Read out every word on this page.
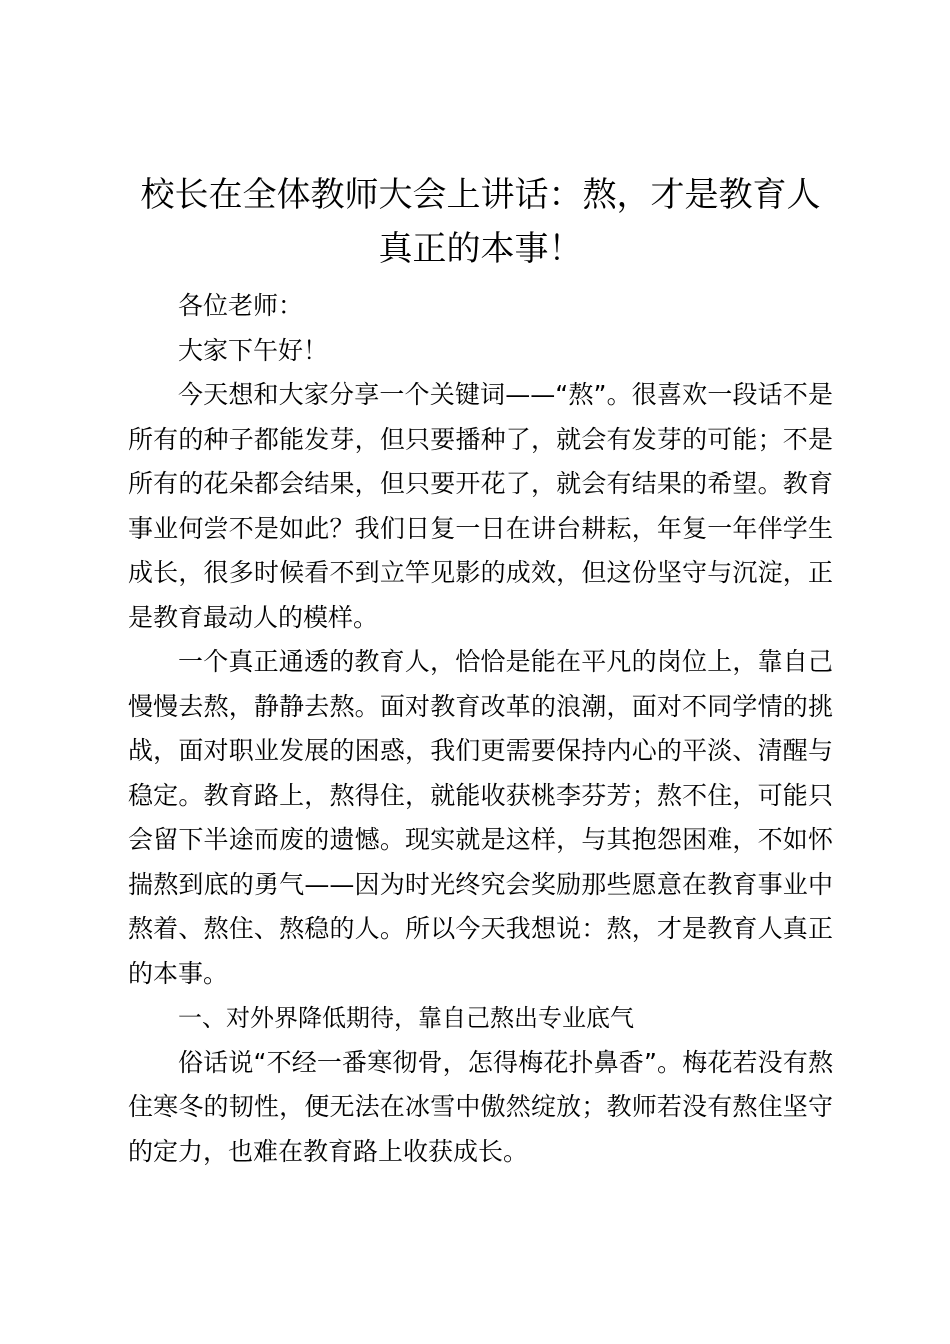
校长在全体教师大会上讲话：熬，才是教育人
真正的本事！

各位老师：

大家下午好！

今天想和大家分享一个关键词——“熬”。很喜欢一段话不是所有的种子都能发芽，但只要播种了，就会有发芽的可能；不是所有的花朵都会结果，但只要开花了，就会有结果的希望。教育事业何尝不是如此？我们日复一日在讲台耕耘，年复一年伴学生成长，很多时候看不到立竿见影的成效，但这份坚守与沉淀，正是教育最动人的模样。

一个真正通透的教育人，恰恰是能在平凡的岗位上，靠自己慢慢去熬，静静去熬。面对教育改革的浪潮，面对不同学情的挑战，面对职业发展的困惑，我们更需要保持内心的平淡、清醒与稳定。教育路上，熬得住，就能收获桃李芬芳；熬不住，可能只会留下半途而废的遗憾。现实就是这样，与其抱怨困难，不如怀揣熬到底的勇气——因为时光终究会奖励那些愿意在教育事业中熬着、熬住、熬稳的人。所以今天我想说：熬，才是教育人真正的本事。

一、对外界降低期待，靠自己熬出专业底气

俗话说“不经一番寒彻骨，怎得梅花扑鼻香”。梅花若没有熬住寒冬的韧性，便无法在冰雪中傲然绽放；教师若没有熬住坚守的定力，也难在教育路上收获成长。
